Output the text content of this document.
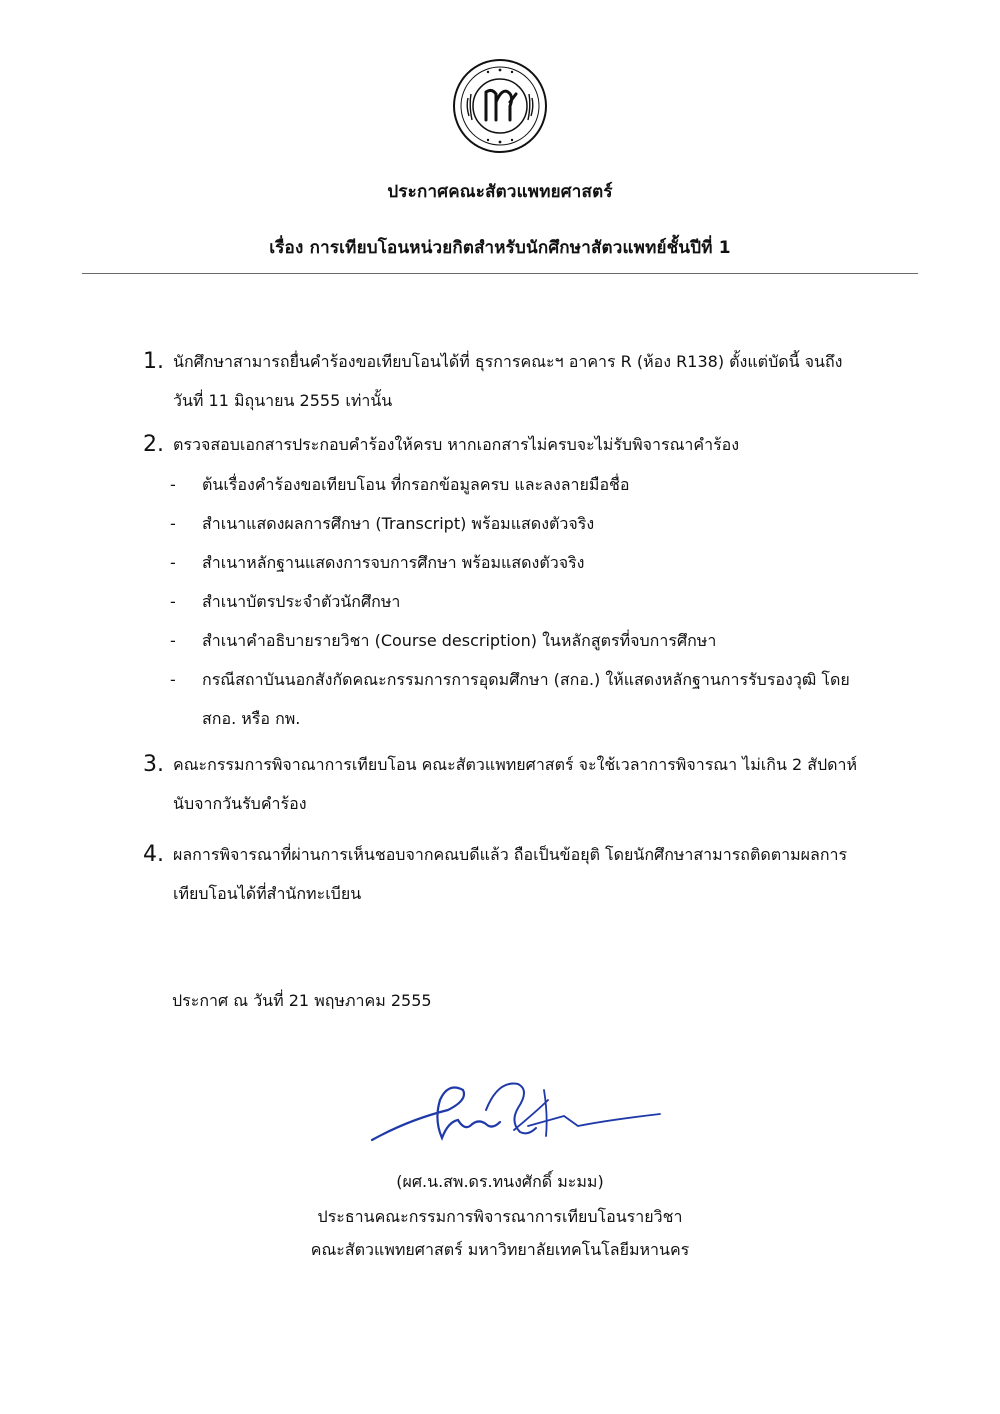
ประกาศคณะสัตวแพทยศาสตร์
เรื่อง การเทียบโอนหน่วยกิตสำหรับนักศึกษาสัตวแพทย์ชั้นปีที่ 1
1. นักศึกษาสามารถยื่นคำร้องขอเทียบโอนได้ที่ ธุรการคณะฯ อาคาร R (ห้อง R138) ตั้งแต่บัดนี้ จนถึง
วันที่ 11 มิถุนายน 2555 เท่านั้น
2. ตรวจสอบเอกสารประกอบคำร้องให้ครบ หากเอกสารไม่ครบจะไม่รับพิจารณาคำร้อง
- ต้นเรื่องคำร้องขอเทียบโอน ที่กรอกข้อมูลครบ และลงลายมือชื่อ
- สำเนาแสดงผลการศึกษา (Transcript) พร้อมแสดงตัวจริง
- สำเนาหลักฐานแสดงการจบการศึกษา พร้อมแสดงตัวจริง
- สำเนาบัตรประจำตัวนักศึกษา
- สำเนาคำอธิบายรายวิชา (Course description) ในหลักสูตรที่จบการศึกษา
- กรณีสถาบันนอกสังกัดคณะกรรมการการอุดมศึกษา (สกอ.) ให้แสดงหลักฐานการรับรองวุฒิ โดย
สกอ. หรือ กพ.
3. คณะกรรมการพิจาณาการเทียบโอน คณะสัตวแพทยศาสตร์ จะใช้เวลาการพิจารณา ไม่เกิน 2 สัปดาห์
นับจากวันรับคำร้อง
4. ผลการพิจารณาที่ผ่านการเห็นชอบจากคณบดีแล้ว ถือเป็นข้อยุติ โดยนักศึกษาสามารถติดตามผลการ
เทียบโอนได้ที่สำนักทะเบียน
ประกาศ ณ วันที่ 21 พฤษภาคม 2555
(ผศ.น.สพ.ดร.ทนงศักดิ์ มะมม)
ประธานคณะกรรมการพิจารณาการเทียบโอนรายวิชา
คณะสัตวแพทยศาสตร์ มหาวิทยาลัยเทคโนโลยีมหานคร
